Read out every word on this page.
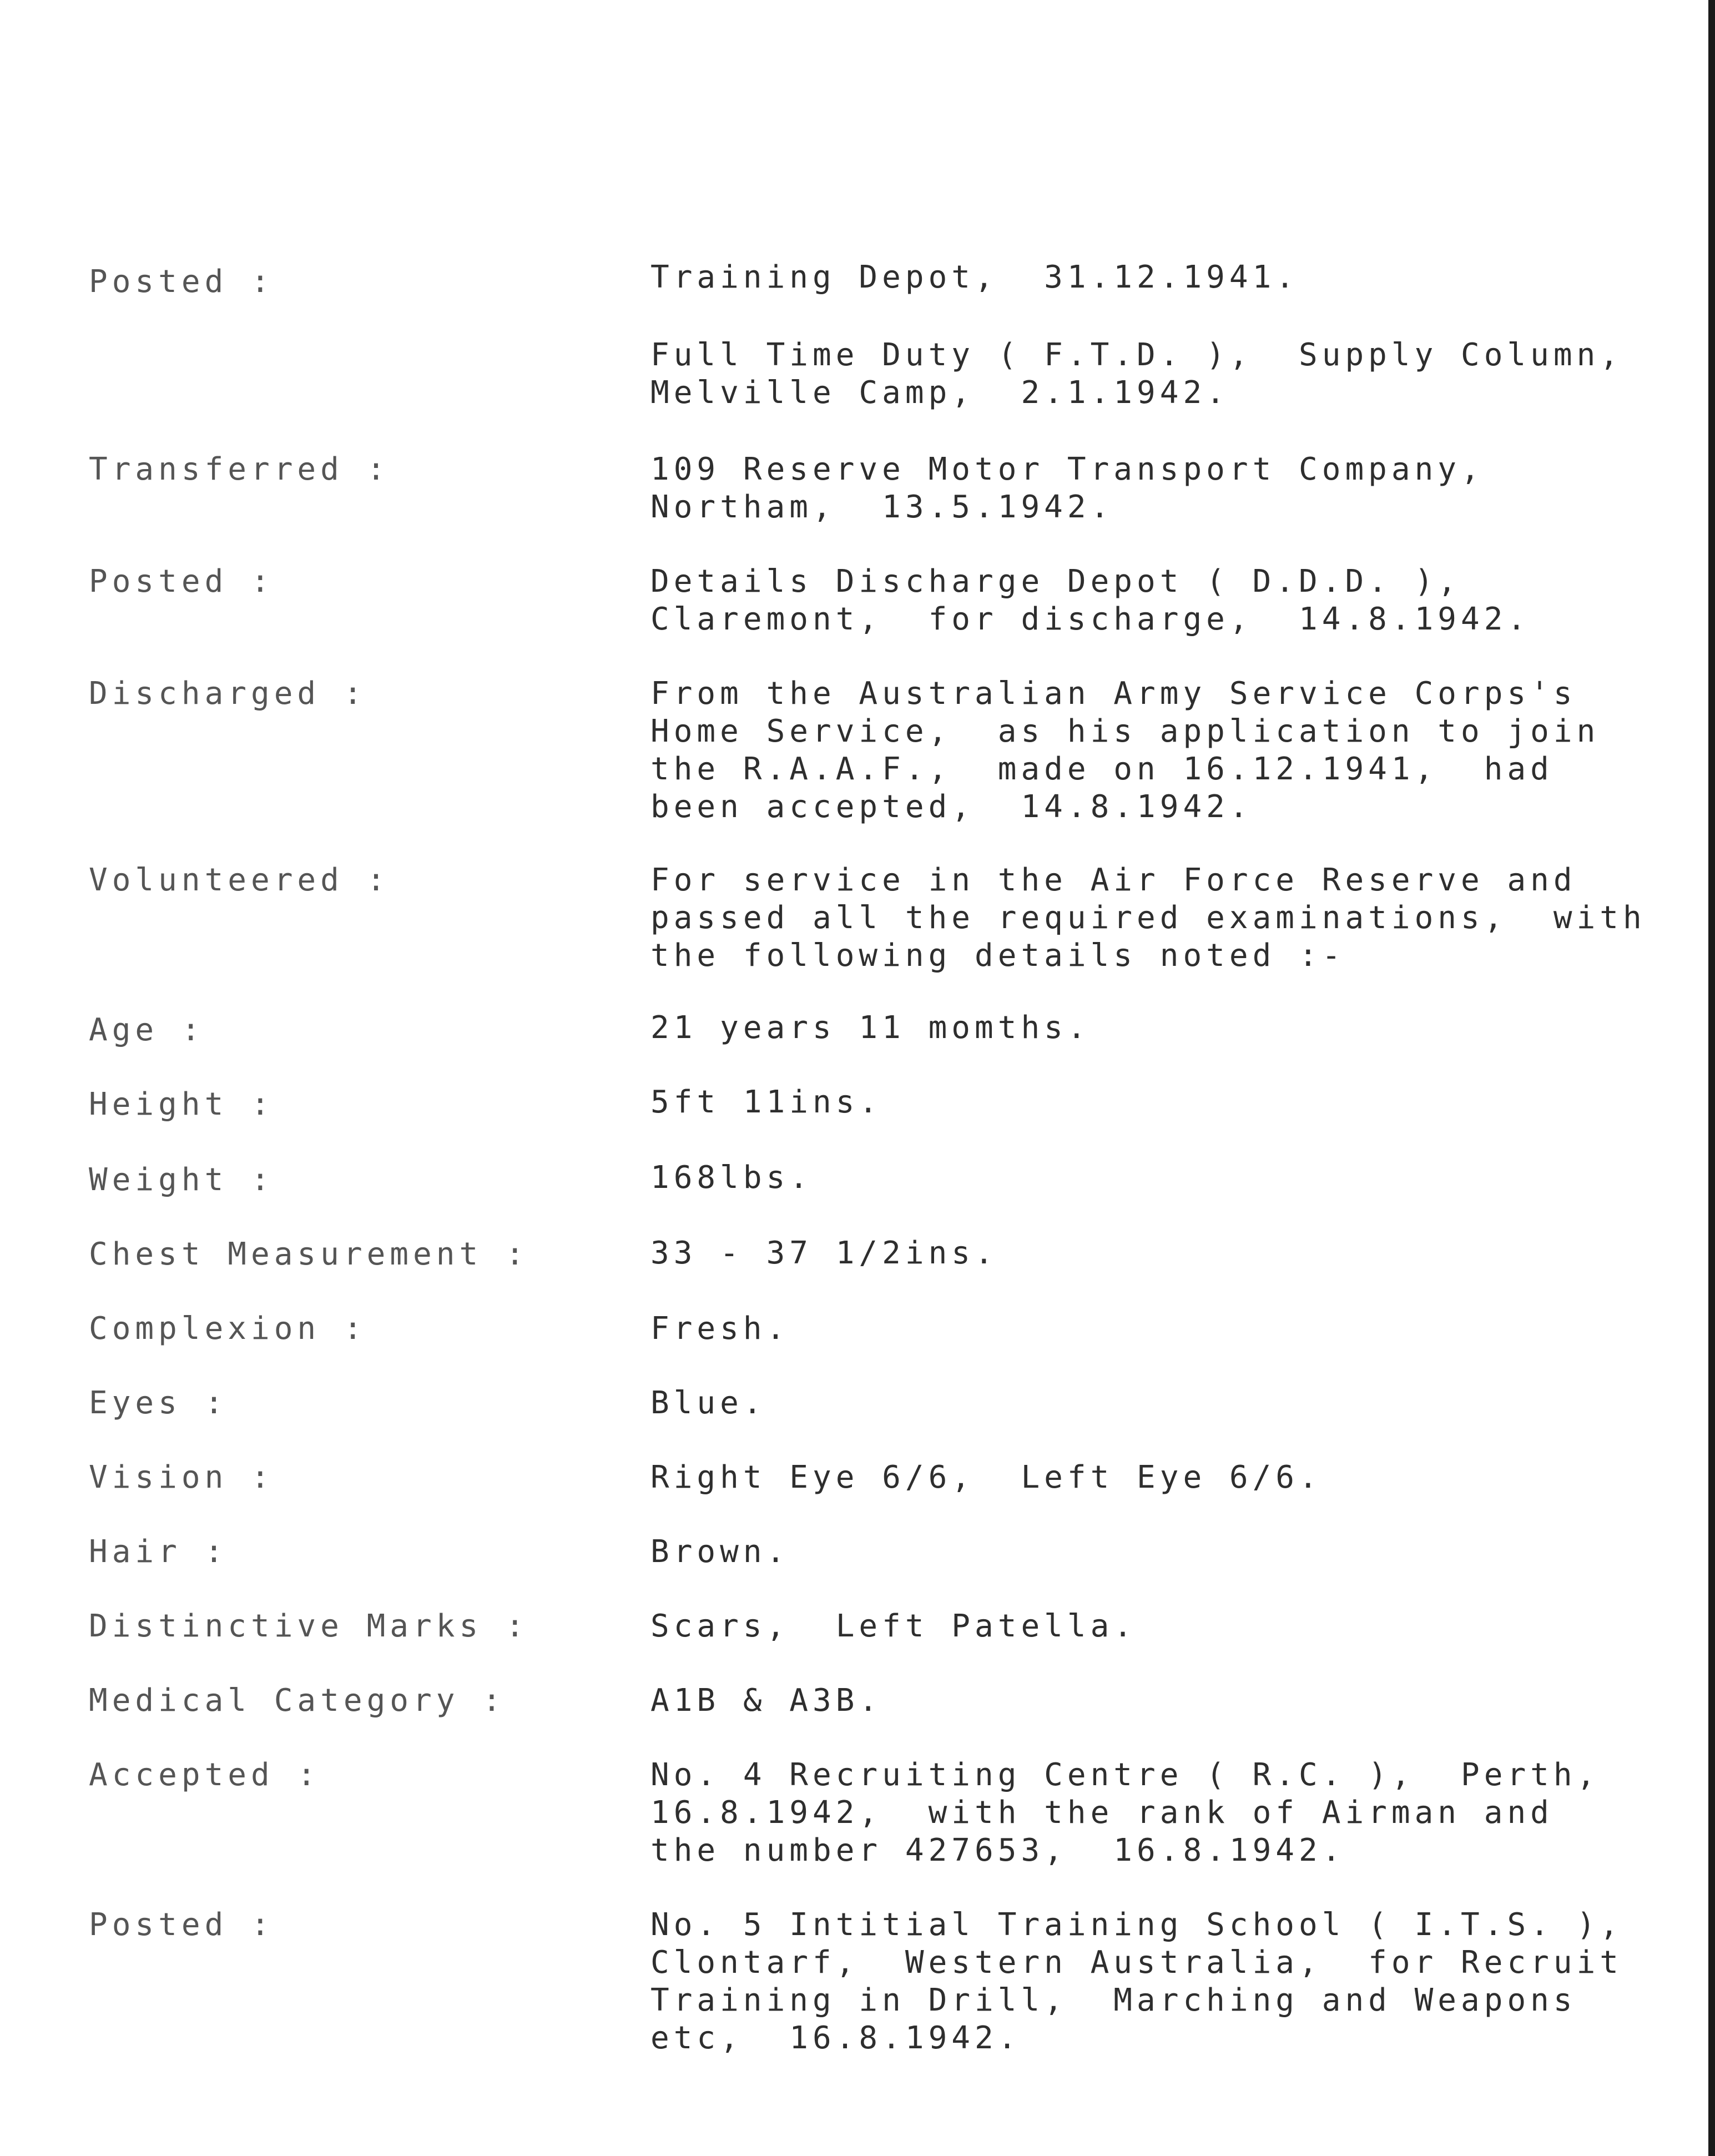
Posted :	Training Depot,  31.12.1941.
Full Time Duty ( F.T.D. ),  Supply Column,
Melville Camp,  2.1.1942.
Transferred :	109 Reserve Motor Transport Company,
Northam,  13.5.1942.
Posted :	Details Discharge Depot ( D.D.D. ),
Claremont,  for discharge,  14.8.1942.
Discharged :	From the Australian Army Service Corps's
Home Service,  as his application to join
the R.A.A.F.,  made on 16.12.1941,  had
been accepted,  14.8.1942.
Volunteered :	For service in the Air Force Reserve and
passed all the required examinations,  with
the following details noted :-
Age :	21 years 11 momths.
Height :	5ft 11ins.
Weight :	168lbs.
Chest Measurement :	33 - 37 1/2ins.
Complexion :	Fresh.
Eyes :	Blue.
Vision :	Right Eye 6/6,  Left Eye 6/6.
Hair :	Brown.
Distinctive Marks :	Scars,  Left Patella.
Medical Category :	A1B & A3B.
Accepted :	No. 4 Recruiting Centre ( R.C. ),  Perth,
16.8.1942,  with the rank of Airman and
the number 427653,  16.8.1942.
Posted :	No. 5 Intitial Training School ( I.T.S. ),
Clontarf,  Western Australia,  for Recruit
Training in Drill,  Marching and Weapons
etc,  16.8.1942.
